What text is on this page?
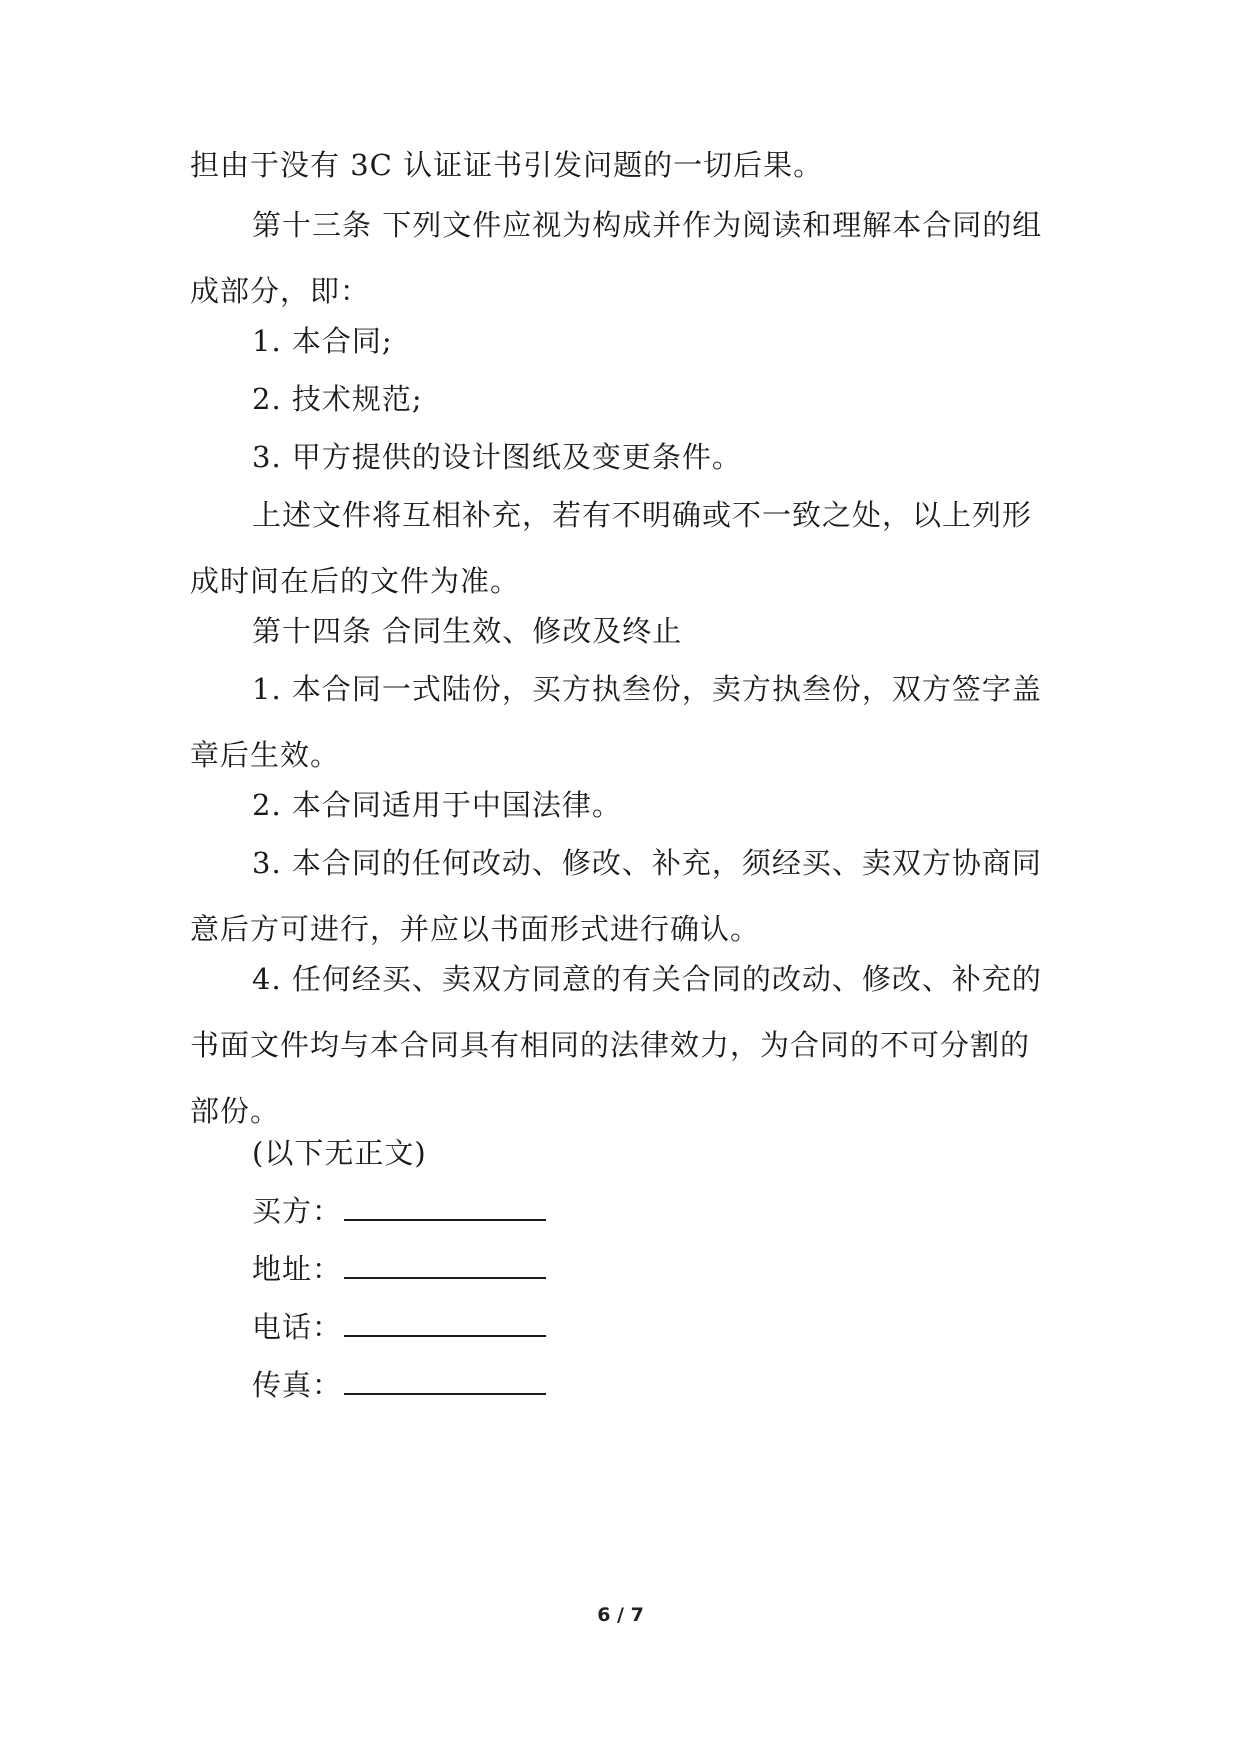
担由于没有 3C 认证证书引发问题的一切后果。

第十三条 下列文件应视为构成并作为阅读和理解本合同的组成部分，即：

1. 本合同;

2. 技术规范;

3. 甲方提供的设计图纸及变更条件。

上述文件将互相补充，若有不明确或不一致之处，以上列形成时间在后的文件为准。

第十四条 合同生效、修改及终止

1. 本合同一式陆份，买方执叁份，卖方执叁份，双方签字盖章后生效。

2. 本合同适用于中国法律。

3. 本合同的任何改动、修改、补充，须经买、卖双方协商同意后方可进行，并应以书面形式进行确认。

4. 任何经买、卖双方同意的有关合同的改动、修改、补充的书面文件均与本合同具有相同的法律效力，为合同的不可分割的部份。

(以下无正文)

买方：

地址：

电话：

传真：

6 / 7
